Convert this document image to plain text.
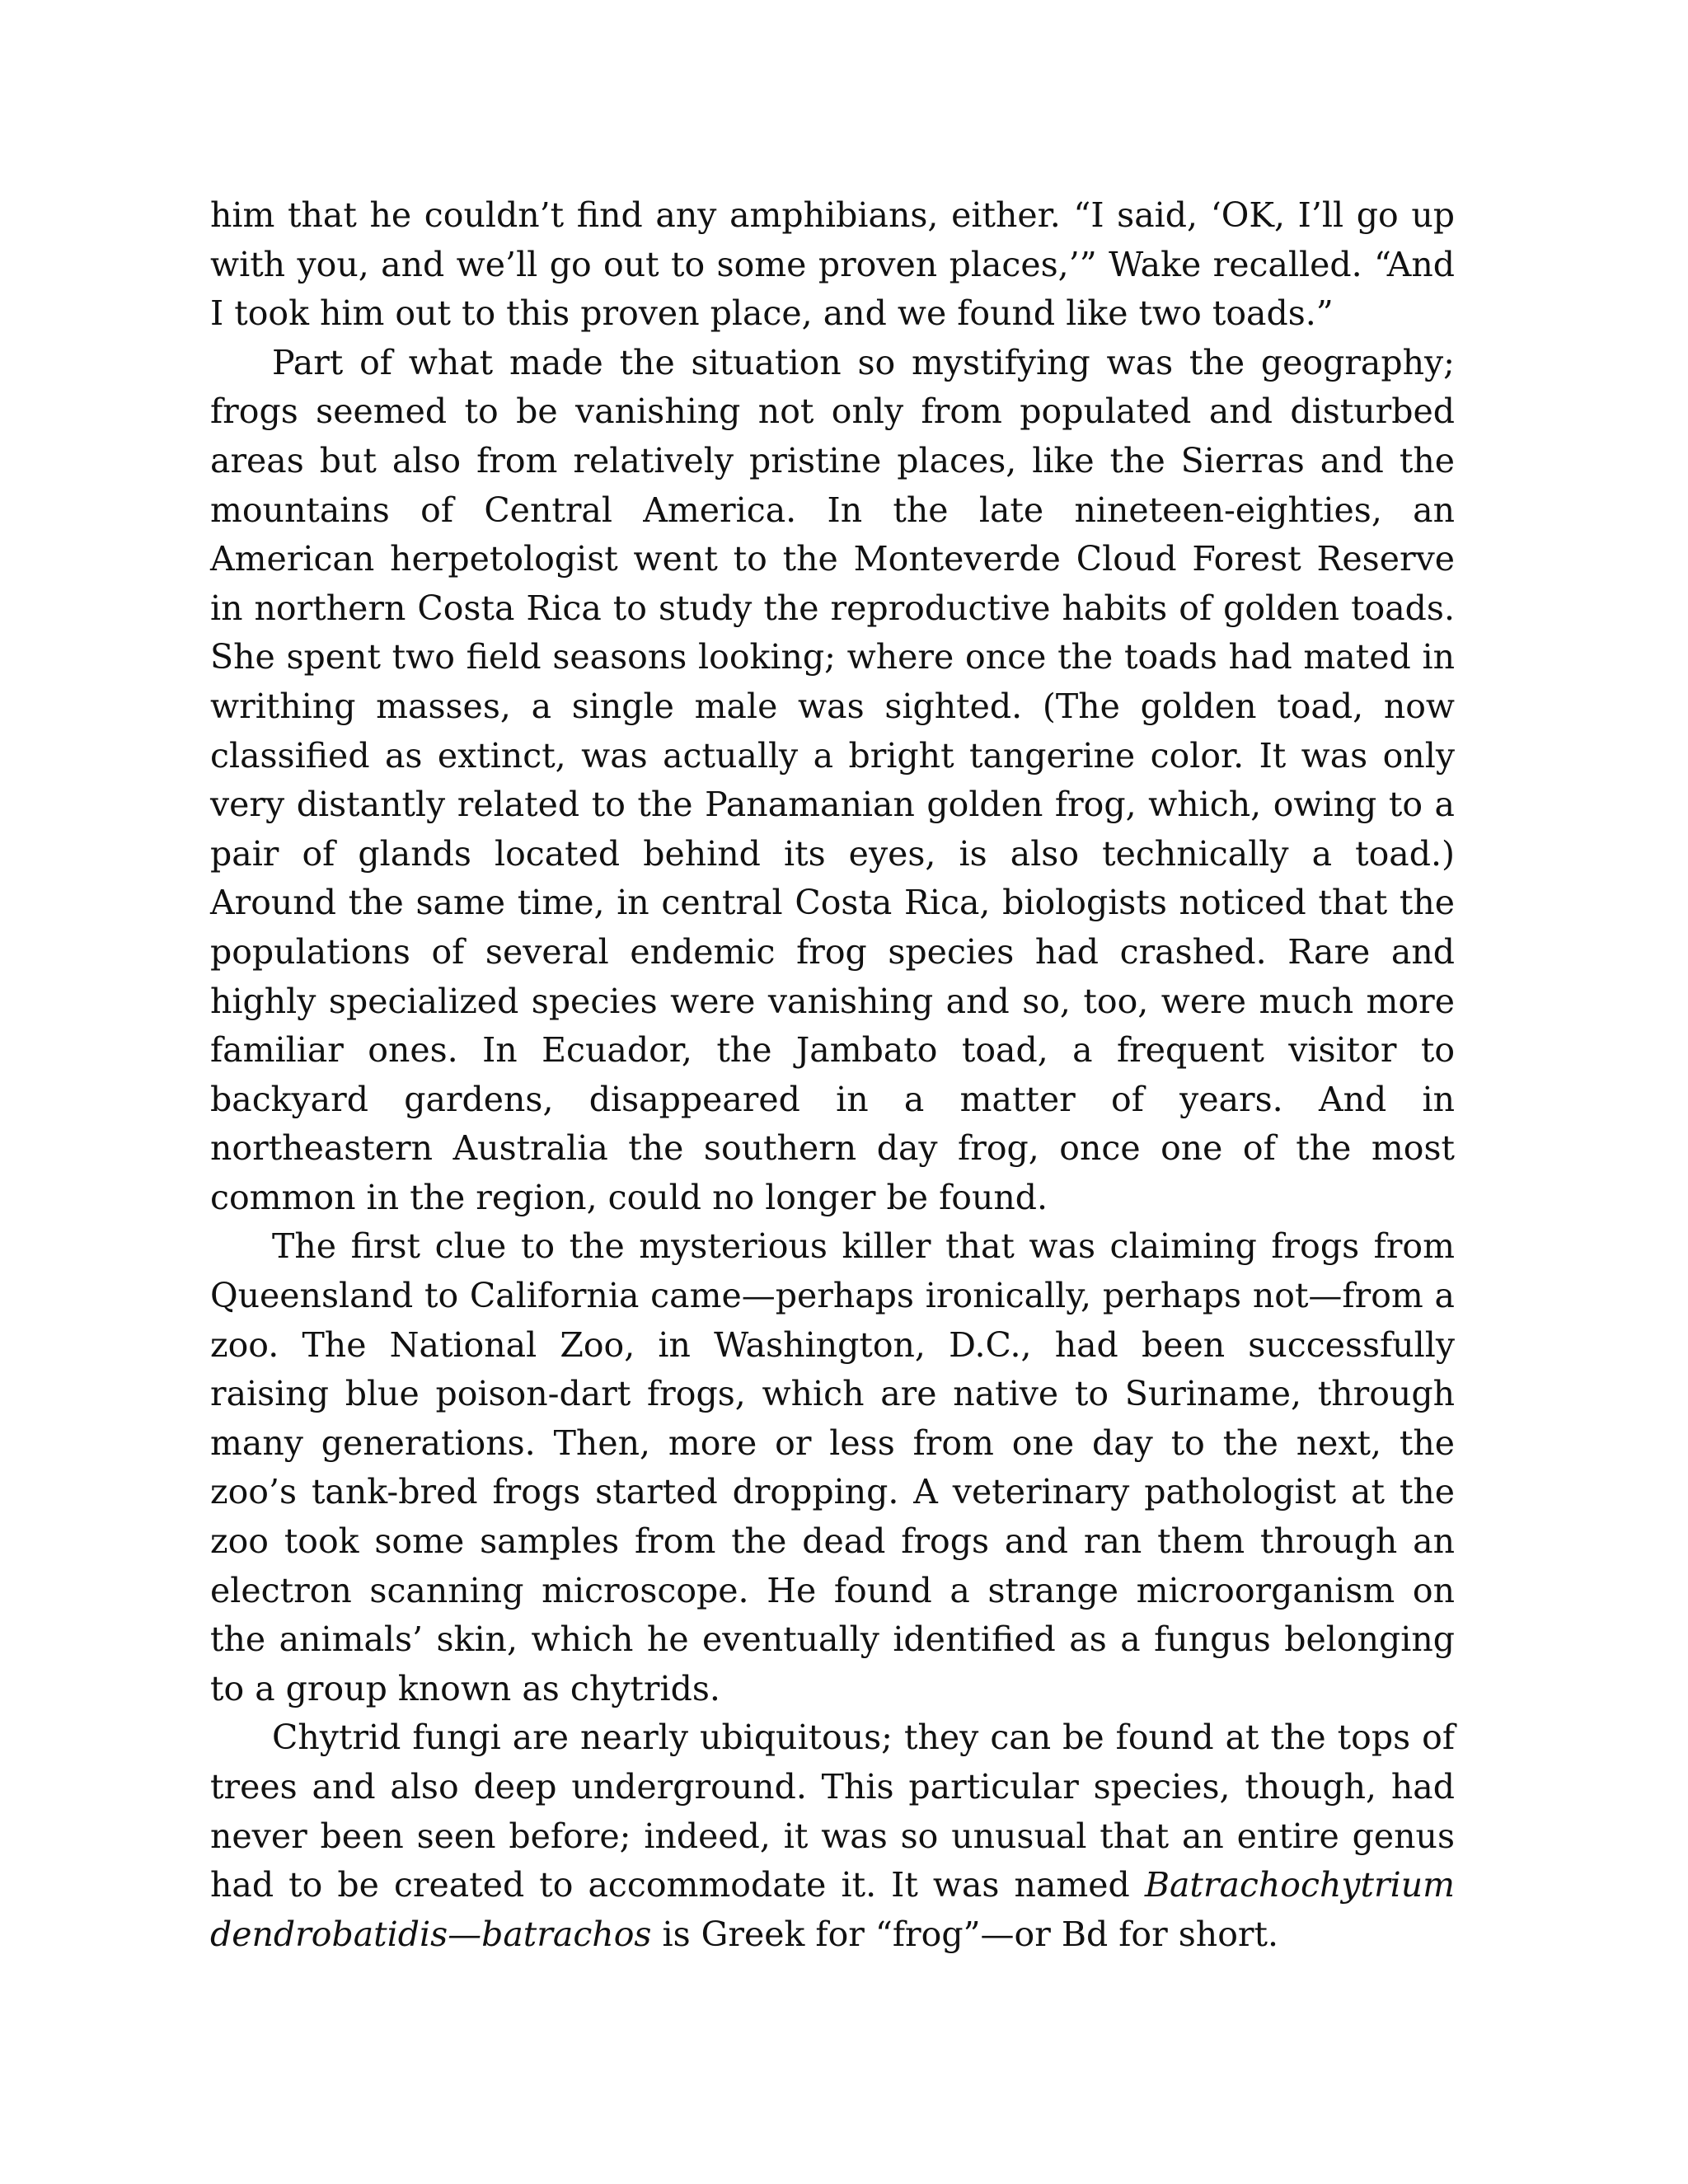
him that he couldn’t find any amphibians, either. “I said, ‘OK, I’ll go up with you, and we’ll go out to some proven places,’” Wake recalled. “And I took him out to this proven place, and we found like two toads.”

Part of what made the situation so mystifying was the geography; frogs seemed to be vanishing not only from populated and disturbed areas but also from relatively pristine places, like the Sierras and the mountains of Central America. In the late nineteen-eighties, an American herpetologist went to the Monteverde Cloud Forest Reserve in northern Costa Rica to study the reproductive habits of golden toads. She spent two field seasons looking; where once the toads had mated in writhing masses, a single male was sighted. (The golden toad, now classified as extinct, was actually a bright tangerine color. It was only very distantly related to the Panamanian golden frog, which, owing to a pair of glands located behind its eyes, is also technically a toad.) Around the same time, in central Costa Rica, biologists noticed that the populations of several endemic frog species had crashed. Rare and highly specialized species were vanishing and so, too, were much more familiar ones. In Ecuador, the Jambato toad, a frequent visitor to backyard gardens, disappeared in a matter of years. And in northeastern Australia the southern day frog, once one of the most common in the region, could no longer be found.

The first clue to the mysterious killer that was claiming frogs from Queensland to California came—perhaps ironically, perhaps not—from a zoo. The National Zoo, in Washington, D.C., had been successfully raising blue poison-dart frogs, which are native to Suriname, through many generations. Then, more or less from one day to the next, the zoo’s tank-bred frogs started dropping. A veterinary pathologist at the zoo took some samples from the dead frogs and ran them through an electron scanning microscope. He found a strange microorganism on the animals’ skin, which he eventually identified as a fungus belonging to a group known as chytrids.

Chytrid fungi are nearly ubiquitous; they can be found at the tops of trees and also deep underground. This particular species, though, had never been seen before; indeed, it was so unusual that an entire genus had to be created to accommodate it. It was named Batrachochytrium dendrobatidis—batrachos is Greek for “frog”—or Bd for short.
